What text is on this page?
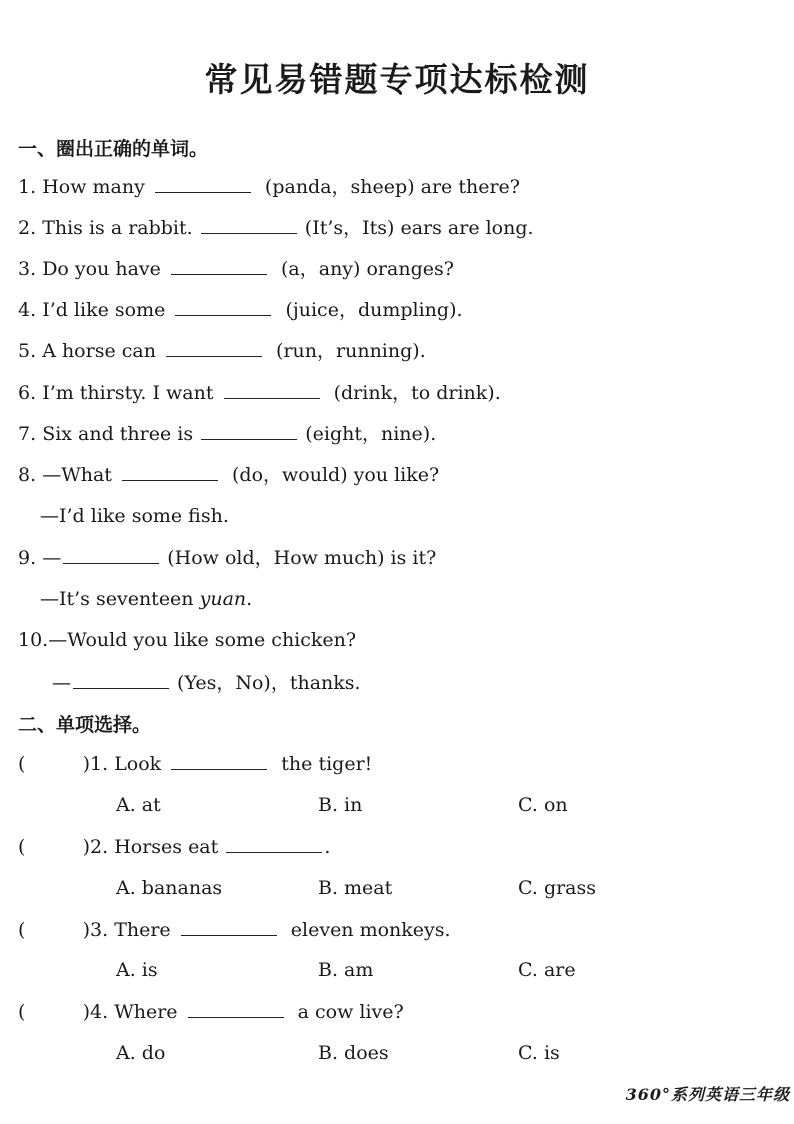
常见易错题专项达标检测
一、圈出正确的单词。
1. How many	(panda，sheep) are there?
2. This is a rabbit.	(It’s，Its) ears are long.
3. Do you have	(a，any) oranges?
4. I’d like some	(juice，dumpling).
5. A horse can	(run，running).
6. I’m thirsty. I want	(drink，to drink).
7. Six and three is	(eight，nine).
8. —What	(do，would) you like?
—I’d like some fish.
9. —	(How old，How much) is it?
—It’s seventeen yuan.
10.—Would you like some chicken?
—	(Yes，No)，thanks.
二、单项选择。
(	) 1. Look	the tiger!
A. at	B. in	C. on
(	) 2. Horses eat	.
A. bananas	B. meat	C. grass
(	) 3. There	eleven monkeys.
A. is	B. am	C. are
(	) 4. Where	a cow live?
A. do	B. does	C. is
360°系列英语三年级
